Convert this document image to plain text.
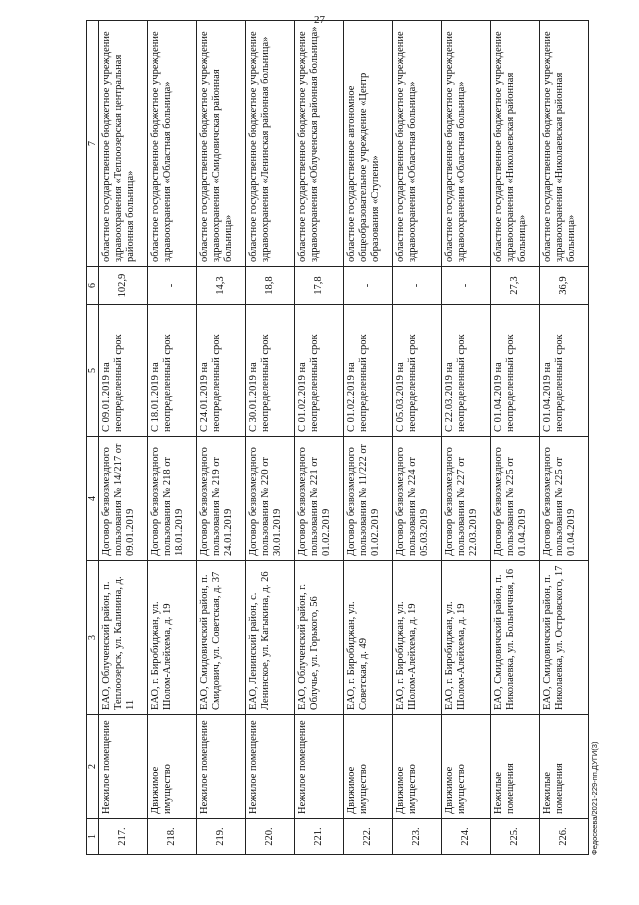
27
1	2	3	4	5	6	7
217.	Нежилое помещение	ЕАО, Облученский район, п. Теплоозерск, ул. Калинина, д. 11	Договор безвозмездного пользования № 14/217 от 09.01.2019	С 09.01.2019 на неопределенный срок	102,9	областное государственное бюджетное учреждение здравоохранения «Теплоозерская центральная районная больница»
218.	Движимое имущество	ЕАО, г. Биробиджан, ул. Шолом-Алейхема, д. 19	Договор безвозмездного пользования № 218 от 18.01.2019	С 18.01.2019 на неопределенный срок	-	областное государственное бюджетное учреждение здравоохранения «Областная больница»
219.	Нежилое помещение	ЕАО, Смидовичский район, п. Смидович, ул. Советская, д. 37	Договор безвозмездного пользования № 219 от 24.01.2019	С 24.01.2019 на неопределенный срок	14,3	областное государственное бюджетное учреждение здравоохранения «Смидовичская районная больница»
220.	Нежилое помещение	ЕАО, Ленинский район, с. Ленинское, ул. Кагыкина, д. 26	Договор безвозмездного пользования № 220 от 30.01.2019	С 30.01.2019 на неопределенный срок	18,8	областное государственное бюджетное учреждение здравоохранения «Ленинская районная больница»
221.	Нежилое помещение	ЕАО, Облученский район, г. Облучье, ул. Горького, 56	Договор безвозмездного пользования № 221 от 01.02.2019	С 01.02.2019 на неопределенный срок	17,8	областное государственное бюджетное учреждение здравоохранения «Облученская районная больница»
222.	Движимое имущество	ЕАО, г. Биробиджан, ул. Советская, д. 49	Договор безвозмездного пользования № 11/222 от 01.02.2019	С 01.02.2019 на неопределенный срок	-	областное государственное автономное общеобразовательное учреждение «Центр образования «Ступени»
223.	Движимое имущество	ЕАО, г. Биробиджан, ул. Шолом-Алейхема, д. 19	Договор безвозмездного пользования № 224 от 05.03.2019	С 05.03.2019 на неопределенный срок	-	областное государственное бюджетное учреждение здравоохранения «Областная больница»
224.	Движимое имущество	ЕАО, г. Биробиджан, ул. Шолом-Алейхема, д. 19	Договор безвозмездного пользования № 227 от 22.03.2019	С 22.03.2019 на неопределенный срок	-	областное государственное бюджетное учреждение здравоохранения «Областная больница»
225.	Нежилые помещения	ЕАО, Смидовичский район, п. Николаевка, ул. Больничная, 16	Договор безвозмездного пользования № 225 от 01.04.2019	С 01.04.2019 на неопределенный срок	27,3	областное государственное бюджетное учреждение здравоохранения «Николаевская районная больница»
226.	Нежилые помещения	ЕАО, Смидовичский район, п. Николаевка, ул. Островского, 17	Договор безвозмездного пользования № 225 от 01.04.2019	С 01.04.2019 на неопределенный срок	36,9	областное государственное бюджетное учреждение здравоохранения «Николаевская районная больница»
Федосеева/2021-229-пп.ДУГИ(3)
